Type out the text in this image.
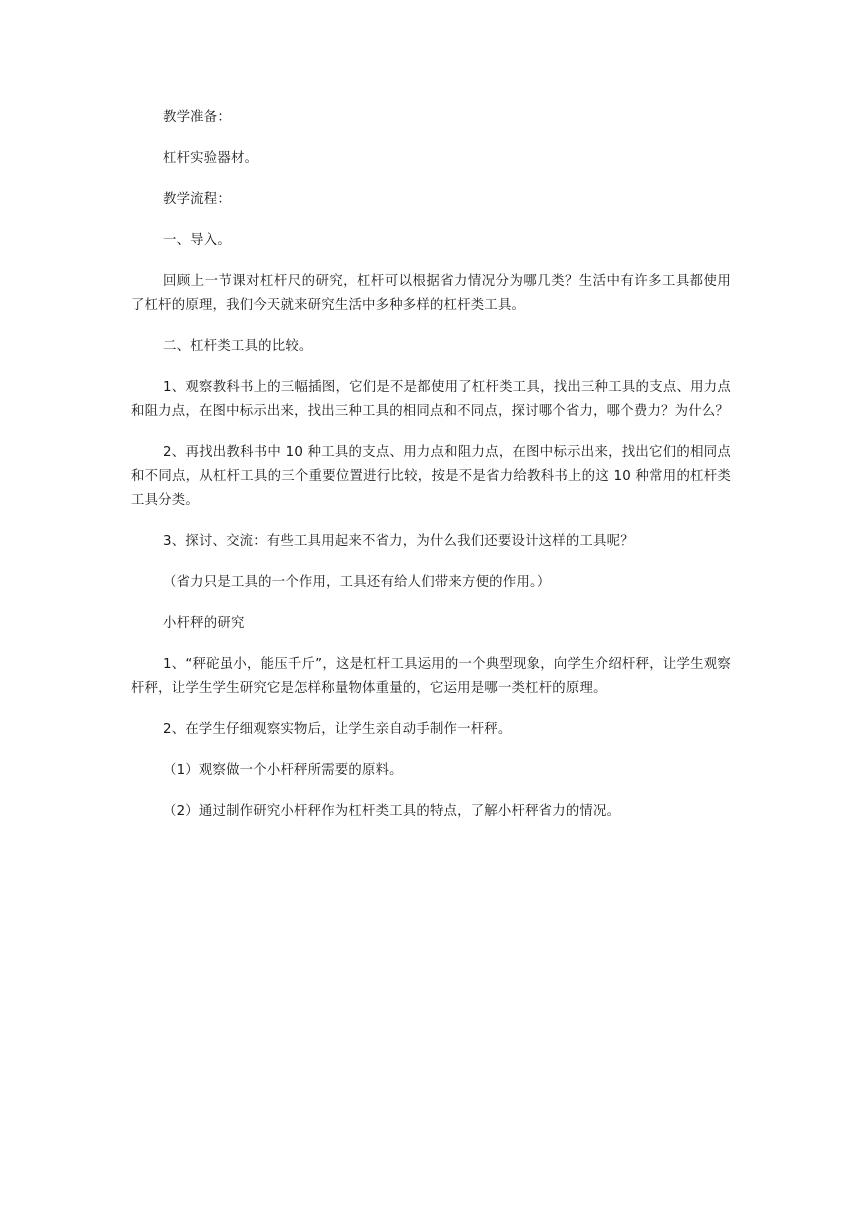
教学准备：

杠杆实验器材。

教学流程：

一、导入。

回顾上一节课对杠杆尺的研究，杠杆可以根据省力情况分为哪几类？生活中有许多工具都使用了杠杆的原理，我们今天就来研究生活中多种多样的杠杆类工具。

二、杠杆类工具的比较。

1、观察教科书上的三幅插图，它们是不是都使用了杠杆类工具，找出三种工具的支点、用力点和阻力点，在图中标示出来，找出三种工具的相同点和不同点，探讨哪个省力，哪个费力？为什么？

2、再找出教科书中 10 种工具的支点、用力点和阻力点，在图中标示出来，找出它们的相同点和不同点，从杠杆工具的三个重要位置进行比较，按是不是省力给教科书上的这 10 种常用的杠杆类工具分类。

3、探讨、交流：有些工具用起来不省力，为什么我们还要设计这样的工具呢？

（省力只是工具的一个作用，工具还有给人们带来方便的作用。）

小杆秤的研究

1、“秤砣虽小，能压千斤”，这是杠杆工具运用的一个典型现象，向学生介绍杆秤，让学生观察杆秤，让学生学生研究它是怎样称量物体重量的，它运用是哪一类杠杆的原理。

2、在学生仔细观察实物后，让学生亲自动手制作一杆秤。

（1）观察做一个小杆秤所需要的原料。

（2）通过制作研究小杆秤作为杠杆类工具的特点，了解小杆秤省力的情况。
